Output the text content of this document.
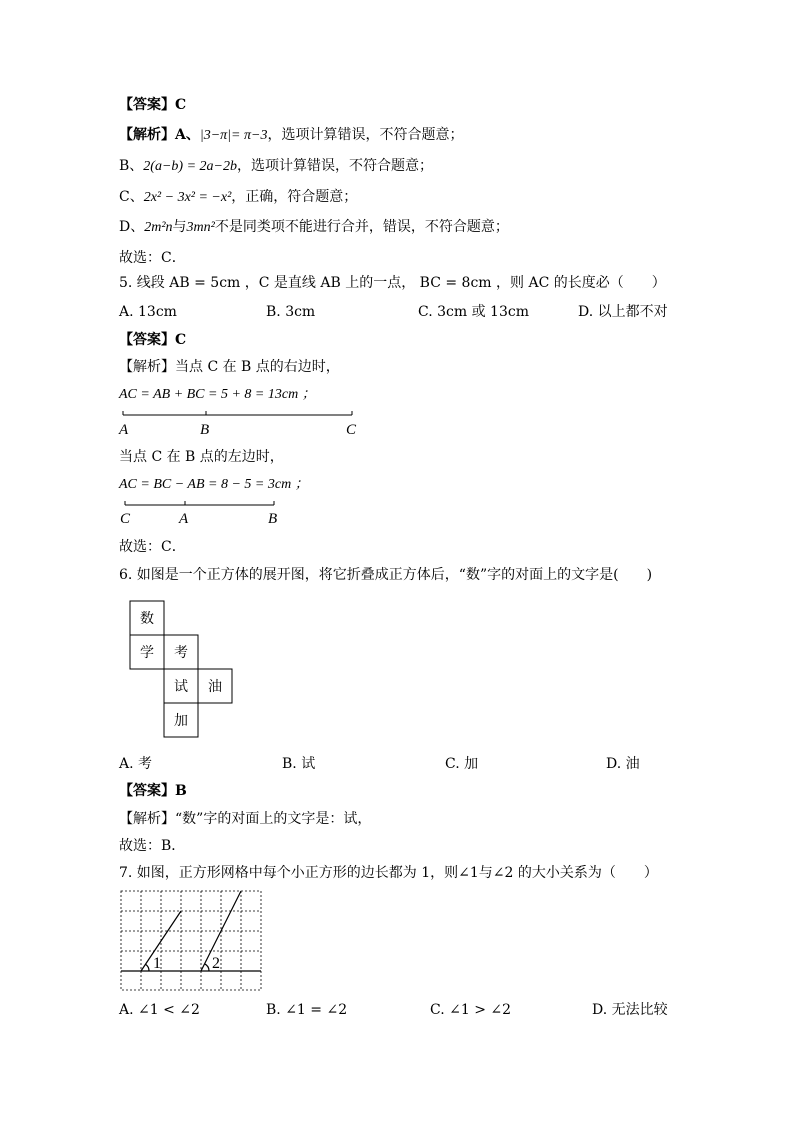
【答案】C
【解析】A、|3−π|= π−3，选项计算错误，不符合题意；
B、2(a−b) = 2a−2b，选项计算错误，不符合题意；
C、2x² − 3x² = −x²，正确，符合题意；
D、2m²n与3mn²不是同类项不能进行合并，错误，不符合题意；
故选：C．
5. 线段 AB = 5cm ，C 是直线 AB 上的一点， BC = 8cm ，则 AC 的长度必（　　）
A. 13cm	B. 3cm	C. 3cm 或 13cm	D. 以上都不对
【答案】C
【解析】当点 C 在 B 点的右边时，
AC = AB + BC = 5 + 8 = 13cm ；
A	B	C
C	A	B
数
学 考
试 油
加
1	2
当点 C 在 B 点的左边时，
AC = BC − AB = 8 − 5 = 3cm ；
故选：C．
6. 如图是一个正方体的展开图，将它折叠成正方体后，“数”字的对面上的文字是(　　)
A. 考	B. 试	C. 加	D. 油
【答案】B
【解析】“数”字的对面上的文字是：试，
故选：B．
7. 如图，正方形网格中每个小正方形的边长都为 1，则∠1与∠2 的大小关系为（　　）
A. ∠1 < ∠2	B. ∠1 = ∠2	C. ∠1 > ∠2	D. 无法比较
